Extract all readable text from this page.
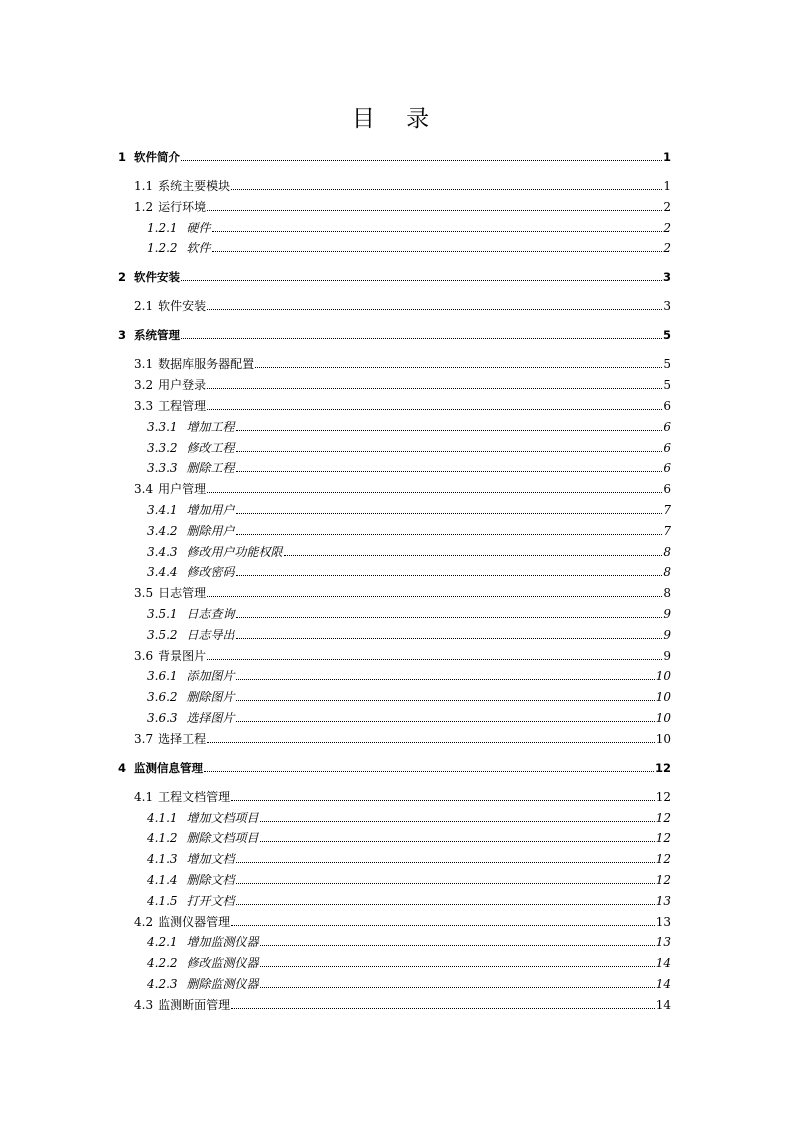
目 录
1 软件简介	1
1.1 系统主要模块	1
1.2 运行环境	2
1.2.1 硬件	2
1.2.2 软件	2
2 软件安装	3
2.1 软件安装	3
3 系统管理	5
3.1 数据库服务器配置	5
3.2 用户登录	5
3.3 工程管理	6
3.3.1 增加工程	6
3.3.2 修改工程	6
3.3.3 删除工程	6
3.4 用户管理	6
3.4.1 增加用户	7
3.4.2 删除用户	7
3.4.3 修改用户功能权限	8
3.4.4 修改密码	8
3.5 日志管理	8
3.5.1 日志查询	9
3.5.2 日志导出	9
3.6 背景图片	9
3.6.1 添加图片	10
3.6.2 删除图片	10
3.6.3 选择图片	10
3.7 选择工程	10
4 监测信息管理	12
4.1 工程文档管理	12
4.1.1 增加文档项目	12
4.1.2 删除文档项目	12
4.1.3 增加文档	12
4.1.4 删除文档	12
4.1.5 打开文档	13
4.2 监测仪器管理	13
4.2.1 增加监测仪器	13
4.2.2 修改监测仪器	14
4.2.3 删除监测仪器	14
4.3 监测断面管理	14
